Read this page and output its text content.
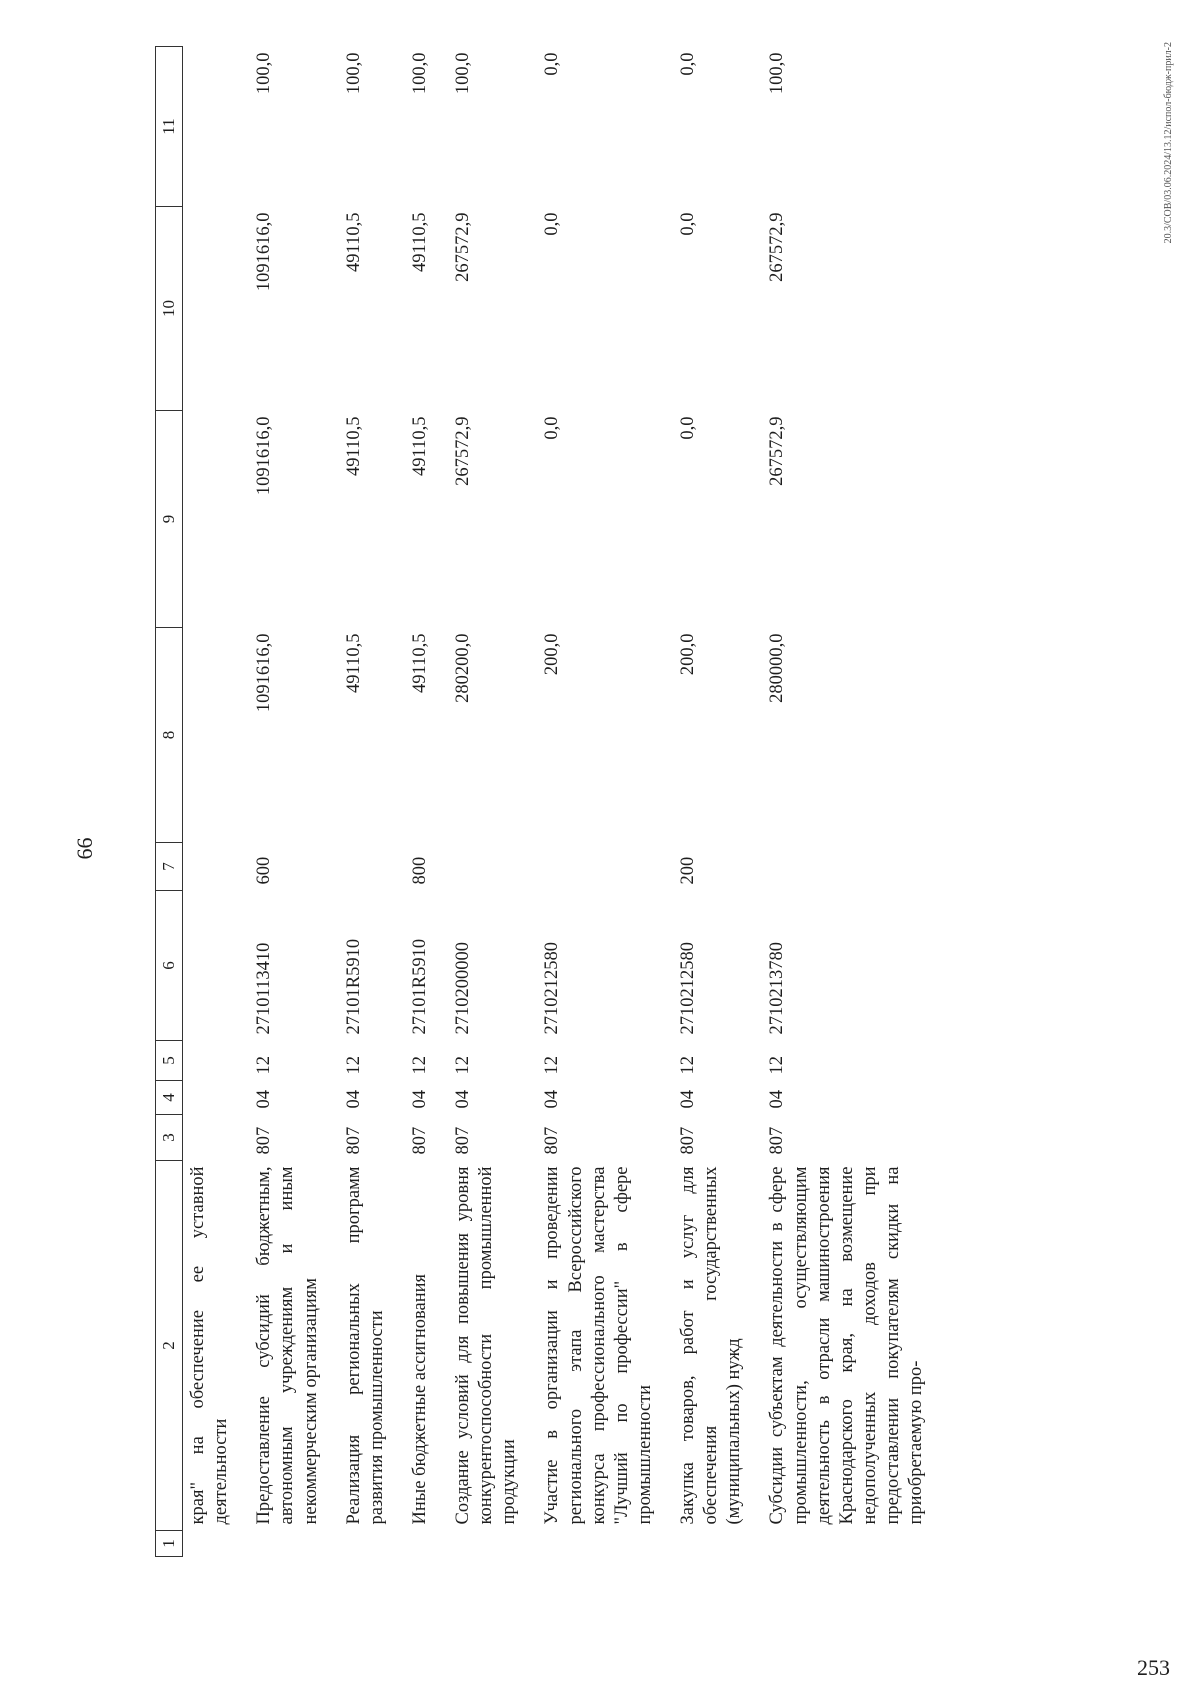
66
1	2	3	4	5	6	7	8	9	10	11
	края" на обеспечение ее уставной деятельности									
	Предоставление субсидий бюджетным, автономным учреждениям и иным некоммерческим организациям	807	04	12	2710113410	600	1091616,0	1091616,0	1091616,0	100,0
	Реализация региональных программ развития промышленности	807	04	12	27101R5910		49110,5	49110,5	49110,5	100,0
	Иные бюджетные ассигнования	807	04	12	27101R5910	800	49110,5	49110,5	49110,5	100,0
	Создание условий для повышения уровня конкурентоспособности промышленной продукции	807	04	12	2710200000		280200,0	267572,9	267572,9	100,0
	Участие в организации и проведении регионального этапа Всероссийского конкурса профессионального мастерства "Лучший по профессии" в сфере промышленности	807	04	12	2710212580		200,0	0,0	0,0	0,0
	Закупка товаров, работ и услуг для обеспечения государственных (муниципальных) нужд	807	04	12	2710212580	200	200,0	0,0	0,0	0,0
	Субсидии субъектам деятельности в сфере промышленности, осуществляющим деятельность в отрасли машиностроения Краснодарского края, на возмещение недополученных доходов при предоставлении покупателям скидки на приобретаемую про-	807	04	12	2710213780		280000,0	267572,9	267572,9	100,0	20.3/СОВ/03.06.2024/13.12/испол-бюдж-прил-2
253
